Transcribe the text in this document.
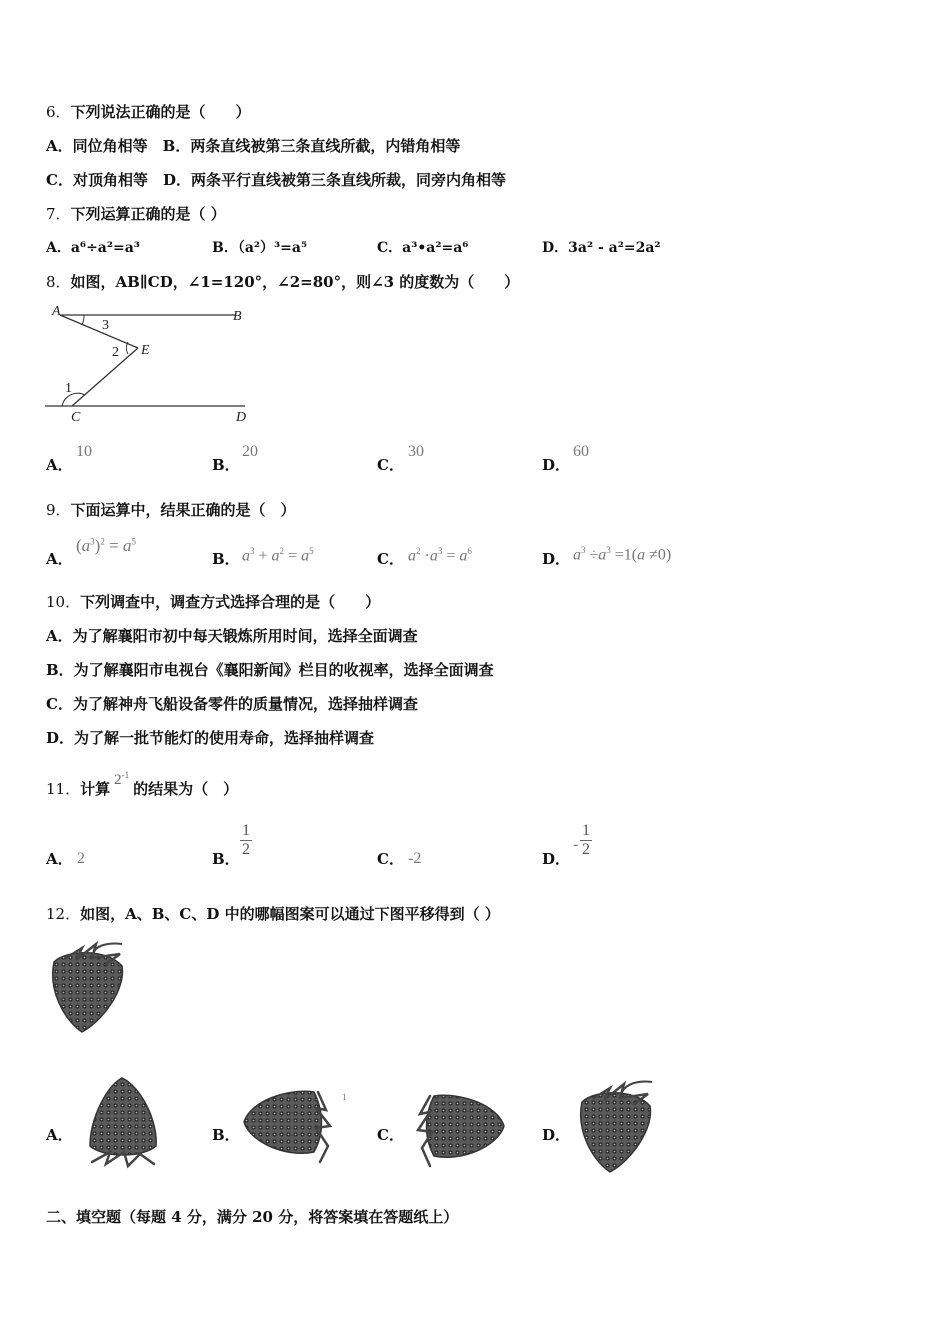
6．下列说法正确的是（　　）
A．同位角相等　B．两条直线被第三条直线所截，内错角相等
C．对顶角相等　D．两条平行直线被第三条直线所裁，同旁内角相等
7．下列运算正确的是（ ）
A．a⁶÷a²=a³	B．（a²）³=a⁵	C．a³•a²=a⁶	D．3a² - a²=2a²
8．如图，AB∥CD，∠1=120°，∠2=80°，则∠3 的度数为（　　）
A	B
3
2 E
1
C	D
A．
10
B．
20
C．
30
D．
60
9．下面运算中，结果正确的是（　）
A．
$(a^3)^2 = a^5$
B． $a^3 + a^2 = a^5$	C． $a^2 \cdot a^3 = a^6$	D． $a^3 \div a^3 =1(a \ne 0)$
10．下列调查中，调查方式选择合理的是（　　）
A．为了解襄阳市初中每天锻炼所用时间，选择全面调查
B．为了解襄阳市电视台《襄阳新闻》栏目的收视率，选择全面调查
C．为了解神舟飞船设备零件的质量情况，选择抽样调查
D．为了解一批节能灯的使用寿命，选择抽样调查
11．计算 $2^{-1}$的结果为（　）
A． 2	B． $\frac{1}{2}$	C． -2	D．
- $\frac{1}{2}$
12．如图，A、B、C、D 中的哪幅图案可以通过下图平移得到（ ）
A．	B．
1
C．	D．
二、填空题（每题 4 分，满分 20 分，将答案填在答题纸上）
